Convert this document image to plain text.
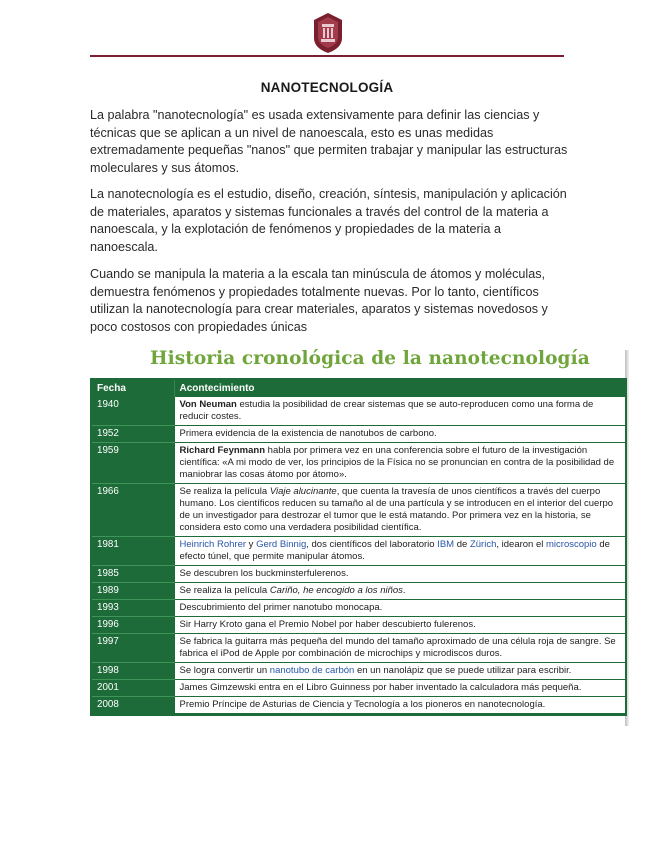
NANOTECNOLOGÍA

La palabra "nanotecnología" es usada extensivamente para definir las ciencias y técnicas que se aplican a un nivel de nanoescala, esto es unas medidas extremadamente pequeñas "nanos" que permiten trabajar y manipular las estructuras moleculares y sus átomos.

La nanotecnología es el estudio, diseño, creación, síntesis, manipulación y aplicación de materiales, aparatos y sistemas funcionales a través del control de la materia a nanoescala, y la explotación de fenómenos y propiedades de la materia a nanoescala.

Cuando se manipula la materia a la escala tan minúscula de átomos y moléculas, demuestra fenómenos y propiedades totalmente nuevas. Por lo tanto, científicos utilizan la nanotecnología para crear materiales, aparatos y sistemas novedosos y poco costosos con propiedades únicas

Historia cronológica de la nanotecnología
Fecha	Acontecimiento
1940	Von Neuman estudia la posibilidad de crear sistemas que se auto-reproducen como una forma de reducir costes.
1952	Primera evidencia de la existencia de nanotubos de carbono.
1959	Richard Feynmann habla por primera vez en una conferencia sobre el futuro de la investigación científica: «A mi modo de ver, los principios de la Física no se pronuncian en contra de la posibilidad de maniobrar las cosas átomo por átomo».
1966	Se realiza la película Viaje alucinante, que cuenta la travesía de unos científicos a través del cuerpo humano. Los científicos reducen su tamaño al de una partícula y se introducen en el interior del cuerpo de un investigador para destrozar el tumor que le está matando. Por primera vez en la historia, se considera esto como una verdadera posibilidad científica.
1981	Heinrich Rohrer y Gerd Binnig, dos científicos del laboratorio IBM de Zürich, idearon el microscopio de efecto túnel, que permite manipular átomos.
1985	Se descubren los buckminsterfulerenos.
1989	Se realiza la película Cariño, he encogido a los niños.
1993	Descubrimiento del primer nanotubo monocapa.
1996	Sir Harry Kroto gana el Premio Nobel por haber descubierto fulerenos.
1997	Se fabrica la guitarra más pequeña del mundo del tamaño aproximado de una célula roja de sangre. Se fabrica el iPod de Apple por combinación de microchips y microdiscos duros.
1998	Se logra convertir un nanotubo de carbón en un nanolápiz que se puede utilizar para escribir.
2001	James Gimzewski entra en el Libro Guinness por haber inventado la calculadora más pequeña.
2008	Premio Príncipe de Asturias de Ciencia y Tecnología a los pioneros en nanotecnología.
